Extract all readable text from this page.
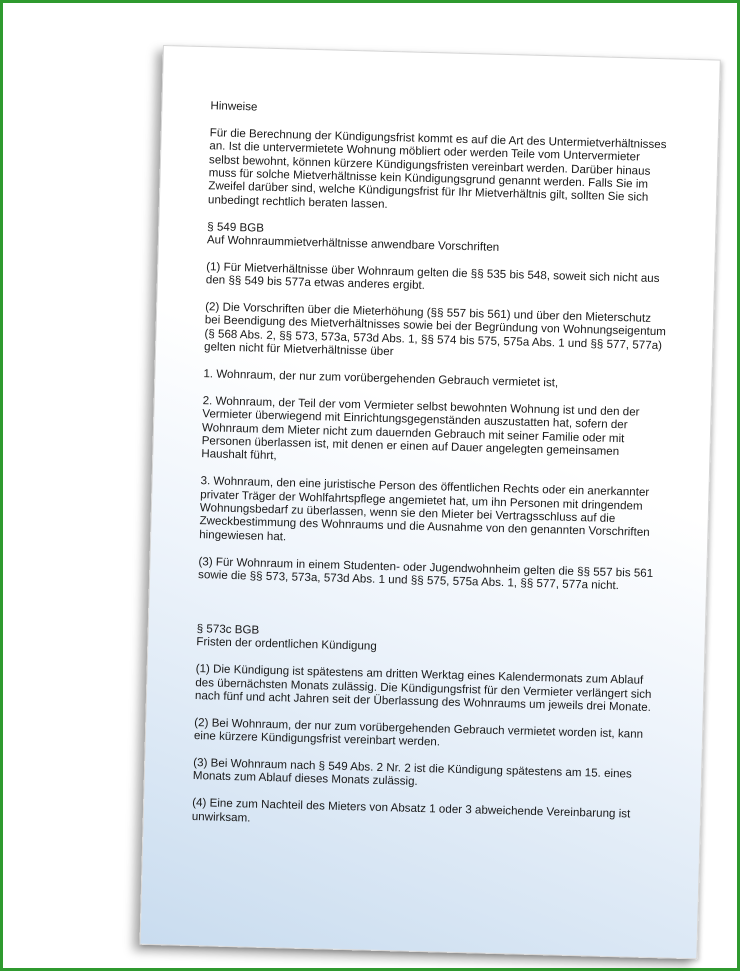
Hinweise

Für die Berechnung der Kündigungsfrist kommt es auf die Art des Untermietverhältnisses an. Ist die untervermietete Wohnung möbliert oder werden Teile vom Untervermieter selbst bewohnt, können kürzere Kündigungsfristen vereinbart werden. Darüber hinaus muss für solche Mietverhältnisse kein Kündigungsgrund genannt werden. Falls Sie im Zweifel darüber sind, welche Kündigungsfrist für Ihr Mietverhältnis gilt, sollten Sie sich unbedingt rechtlich beraten lassen.

§ 549 BGB

Auf Wohnraummietverhältnisse anwendbare Vorschriften

(1) Für Mietverhältnisse über Wohnraum gelten die §§ 535 bis 548, soweit sich nicht aus den §§ 549 bis 577a etwas anderes ergibt.

(2) Die Vorschriften über die Mieterhöhung (§§ 557 bis 561) und über den Mieterschutz bei Beendigung des Mietverhältnisses sowie bei der Begründung von Wohnungseigentum (§ 568 Abs. 2, §§ 573, 573a, 573d Abs. 1, §§ 574 bis 575, 575a Abs. 1 und §§ 577, 577a) gelten nicht für Mietverhältnisse über

1. Wohnraum, der nur zum vorübergehenden Gebrauch vermietet ist,

2. Wohnraum, der Teil der vom Vermieter selbst bewohnten Wohnung ist und den der Vermieter überwiegend mit Einrichtungsgegenständen auszustatten hat, sofern der Wohnraum dem Mieter nicht zum dauernden Gebrauch mit seiner Familie oder mit Personen überlassen ist, mit denen er einen auf Dauer angelegten gemeinsamen Haushalt führt,

3. Wohnraum, den eine juristische Person des öffentlichen Rechts oder ein anerkannter privater Träger der Wohlfahrtspflege angemietet hat, um ihn Personen mit dringendem Wohnungsbedarf zu überlassen, wenn sie den Mieter bei Vertragsschluss auf die Zweckbestimmung des Wohnraums und die Ausnahme von den genannten Vorschriften hingewiesen hat.

(3) Für Wohnraum in einem Studenten- oder Jugendwohnheim gelten die §§ 557 bis 561 sowie die §§ 573, 573a, 573d Abs. 1 und §§ 575, 575a Abs. 1, §§ 577, 577a nicht.

§ 573c BGB

Fristen der ordentlichen Kündigung

(1) Die Kündigung ist spätestens am dritten Werktag eines Kalendermonats zum Ablauf des übernächsten Monats zulässig. Die Kündigungsfrist für den Vermieter verlängert sich nach fünf und acht Jahren seit der Überlassung des Wohnraums um jeweils drei Monate.

(2) Bei Wohnraum, der nur zum vorübergehenden Gebrauch vermietet worden ist, kann eine kürzere Kündigungsfrist vereinbart werden.

(3) Bei Wohnraum nach § 549 Abs. 2 Nr. 2 ist die Kündigung spätestens am 15. eines Monats zum Ablauf dieses Monats zulässig.

(4) Eine zum Nachteil des Mieters von Absatz 1 oder 3 abweichende Vereinbarung ist unwirksam.
